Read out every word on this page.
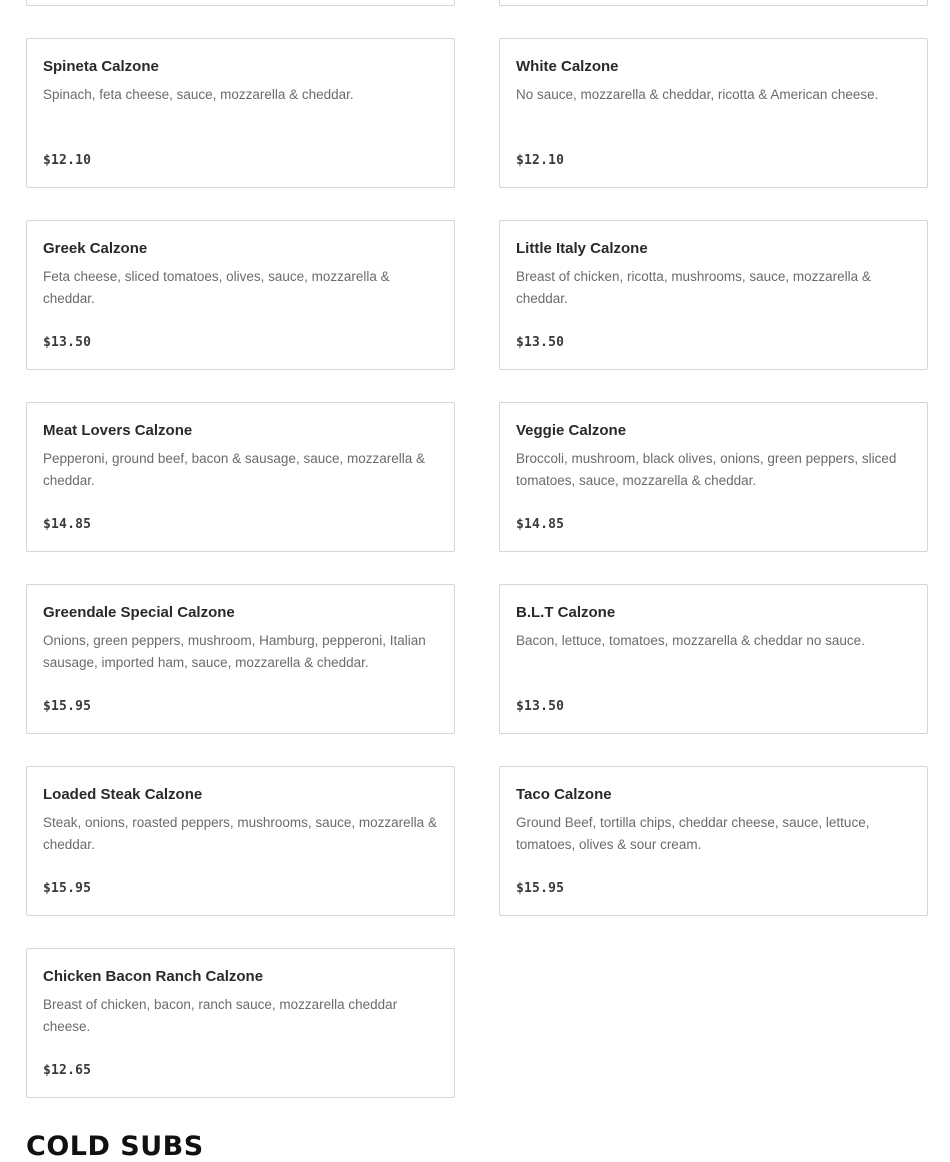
Spineta Calzone
Spinach, feta cheese, sauce, mozzarella & cheddar.
$12.10
White Calzone
No sauce, mozzarella & cheddar, ricotta & American cheese.
$12.10
Greek Calzone
Feta cheese, sliced tomatoes, olives, sauce, mozzarella & cheddar.
$13.50
Little Italy Calzone
Breast of chicken, ricotta, mushrooms, sauce, mozzarella & cheddar.
$13.50
Meat Lovers Calzone
Pepperoni, ground beef, bacon & sausage, sauce, mozzarella & cheddar.
$14.85
Veggie Calzone
Broccoli, mushroom, black olives, onions, green peppers, sliced tomatoes, sauce, mozzarella & cheddar.
$14.85
Greendale Special Calzone
Onions, green peppers, mushroom, Hamburg, pepperoni, Italian sausage, imported ham, sauce, mozzarella & cheddar.
$15.95
B.L.T Calzone
Bacon, lettuce, tomatoes, mozzarella & cheddar no sauce.
$13.50
Loaded Steak Calzone
Steak, onions, roasted peppers, mushrooms, sauce, mozzarella & cheddar.
$15.95
Taco Calzone
Ground Beef, tortilla chips, cheddar cheese, sauce, lettuce, tomatoes, olives & sour cream.
$15.95
Chicken Bacon Ranch Calzone
Breast of chicken, bacon, ranch sauce, mozzarella cheddar cheese.
$12.65
COLD SUBS
